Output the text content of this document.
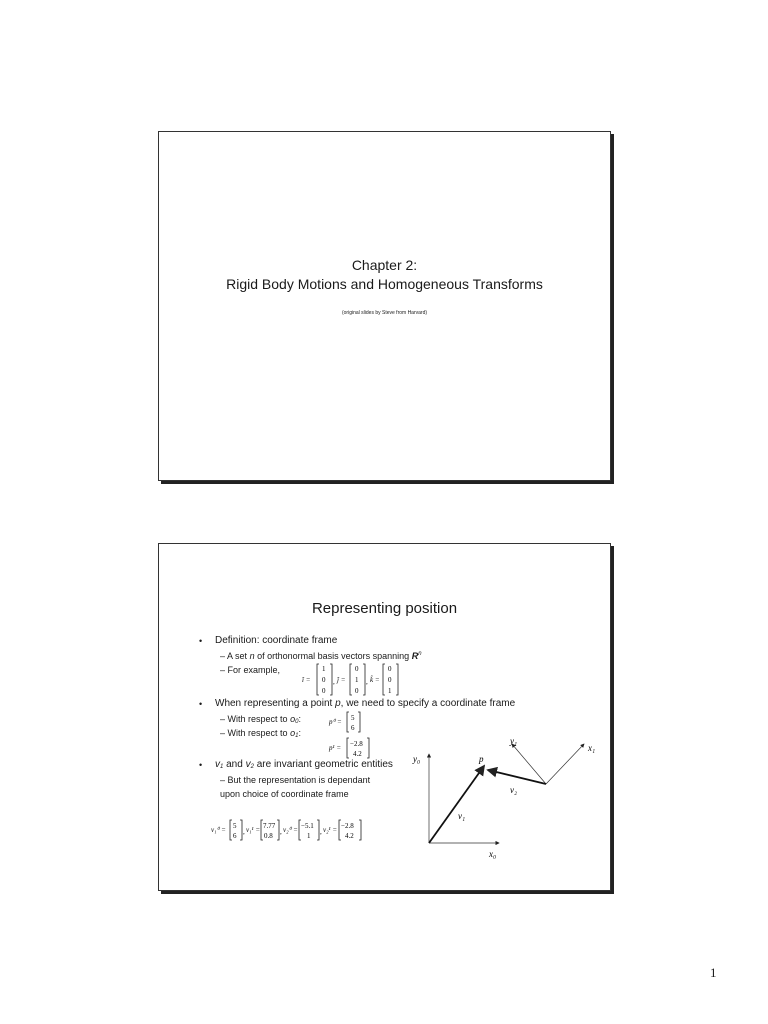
Chapter 2:
Rigid Body Motions and Homogeneous Transforms
(original slides by Steve from Harvard)
Representing position
• Definition: coordinate frame
– A set n of orthonormal basis vectors spanning $R^n$
– For example,
î =
1
0
0
, ĵ =
0
1
0
, k̂ =
0
0
1
• When representing a point p, we need to specify a coordinate frame
– With respect to o0:	p⁰ = 5
6
– With respect to o1:
p¹ = −2.8
4.2
• v1 and v2 are invariant geometric entities
– But the representation is dependant
upon choice of coordinate frame
v₁⁰ = 5
6 , v₁¹ = 7.77
0.8 , v₂⁰ = −5.1
1 , v₂¹ = −2.8
4.2
y₀
x₀
y₁
x₁
p
v₁
v₂
1
